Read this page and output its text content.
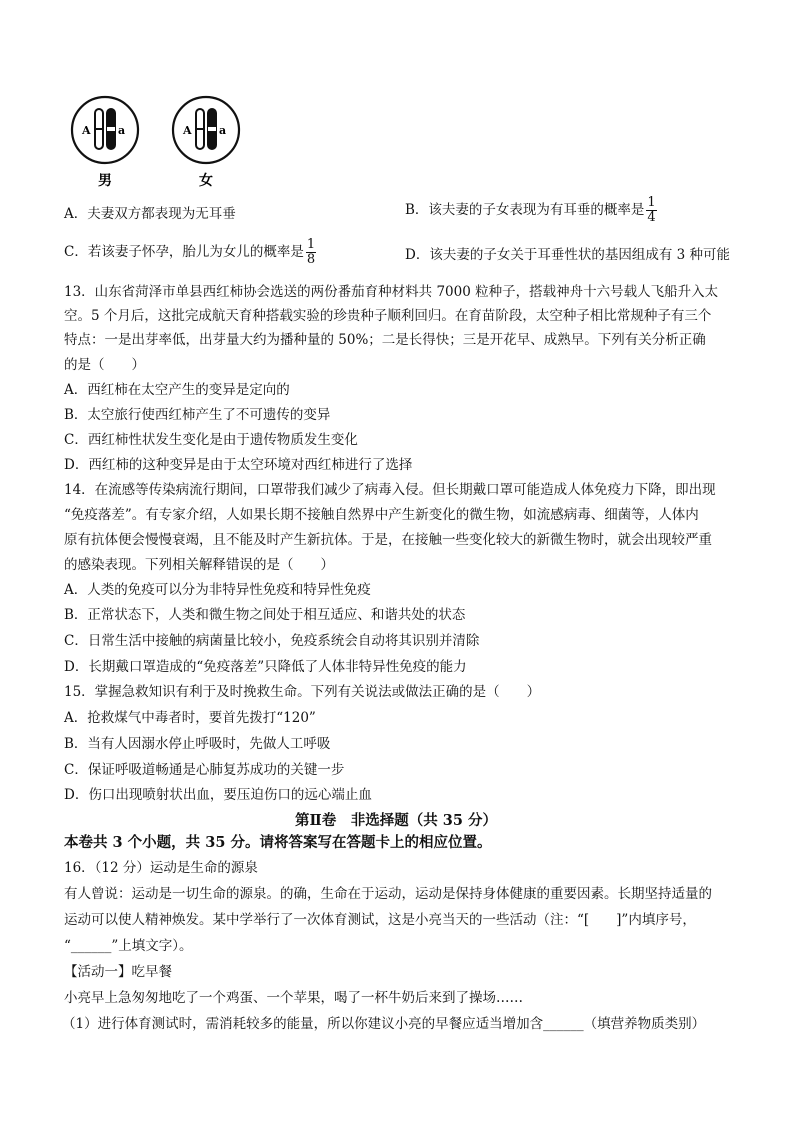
A a	A a
男	女
A．夫妻双方都表现为无耳垂	B．该夫妻的子女表现为有耳垂的概率是 $\frac{1}{4}$
C．若该妻子怀孕，胎儿为女儿的概率是 $\frac{1}{8}$	D．该夫妻的子女关于耳垂性状的基因组成有 3 种可能
13．山东省菏泽市单县西红柿协会选送的两份番茄育种材料共 7000 粒种子，搭载神舟十六号载人飞船升入太
空。5 个月后，这批完成航天育种搭载实验的珍贵种子顺利回归。在育苗阶段，太空种子相比常规种子有三个
特点：一是出芽率低，出芽量大约为播种量的 50%；二是长得快；三是开花早、成熟早。下列有关分析正确
的是（　　）
A．西红柿在太空产生的变异是定向的
B．太空旅行使西红柿产生了不可遗传的变异
C．西红柿性状发生变化是由于遗传物质发生变化
D．西红柿的这种变异是由于太空环境对西红柿进行了选择
14．在流感等传染病流行期间，口罩带我们减少了病毒入侵。但长期戴口罩可能造成人体免疫力下降，即出现
“免疫落差”。有专家介绍，人如果长期不接触自然界中产生新变化的微生物，如流感病毒、细菌等，人体内
原有抗体便会慢慢衰竭，且不能及时产生新抗体。于是，在接触一些变化较大的新微生物时，就会出现较严重
的感染表现。下列相关解释错误的是（　　）
A．人类的免疫可以分为非特异性免疫和特异性免疫
B．正常状态下，人类和微生物之间处于相互适应、和谐共处的状态
C．日常生活中接触的病菌量比较小，免疫系统会自动将其识别并清除
D．长期戴口罩造成的“免疫落差”只降低了人体非特异性免疫的能力
15．掌握急救知识有利于及时挽救生命。下列有关说法或做法正确的是（　　）
A．抢救煤气中毒者时，要首先拨打“120”
B．当有人因溺水停止呼吸时，先做人工呼吸
C．保证呼吸道畅通是心肺复苏成功的关键一步
D．伤口出现喷射状出血，要压迫伤口的远心端止血
第Ⅱ卷　非选择题（共 35 分）
本卷共 3 个小题，共 35 分。请将答案写在答题卡上的相应位置。
16．（12 分）运动是生命的源泉
有人曾说：运动是一切生命的源泉。的确，生命在于运动，运动是保持身体健康的重要因素。长期坚持适量的
运动可以使人精神焕发。某中学举行了一次体育测试，这是小亮当天的一些活动（注：“[　　]”内填序号，
“______”上填文字）。
【活动一】吃早餐
小亮早上急匆匆地吃了一个鸡蛋、一个苹果，喝了一杯牛奶后来到了操场……
（1）进行体育测试时，需消耗较多的能量，所以你建议小亮的早餐应适当增加含______（填营养物质类别）
